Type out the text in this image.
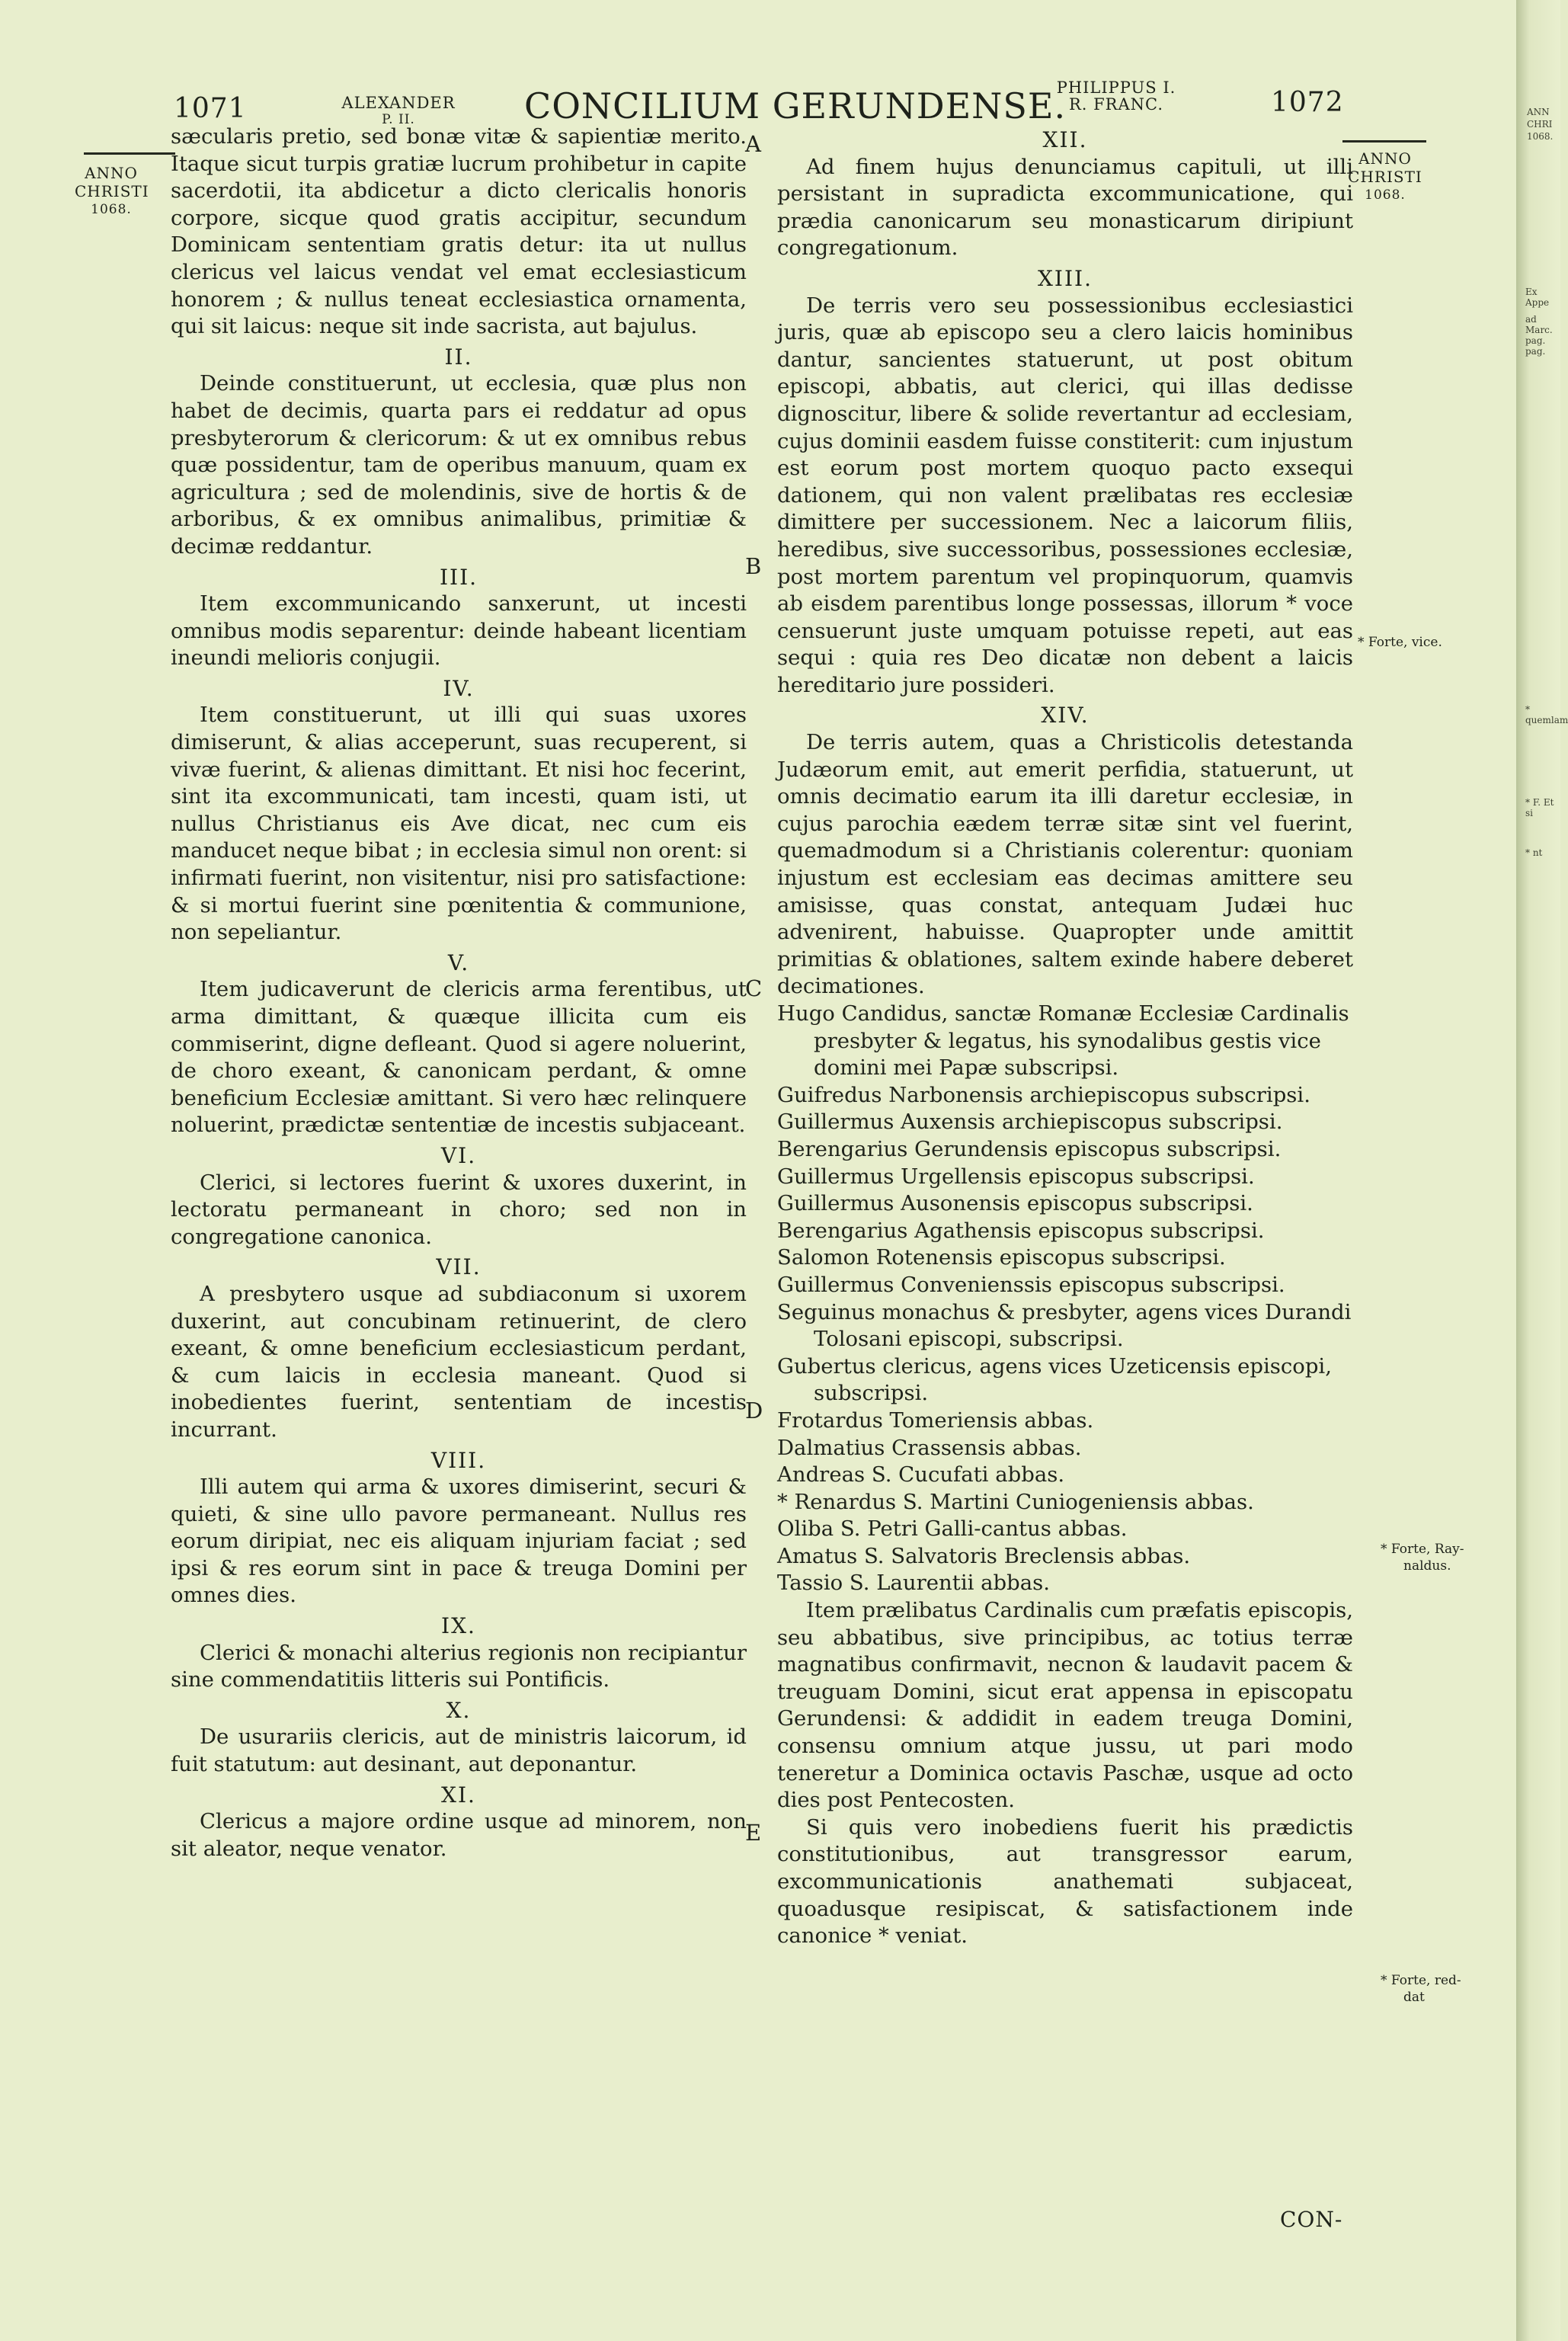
1071	ALEXANDER
P. II.	CONCILIUM GERUNDENSE.
PHILIPPUS I.
R. FRANC.	1072
ANNO
CHRISTI
1068.
ANNO
CHRISTI
1068.
A
B
C
D
E
* Forte, vice.
* Forte, Ray-
naldus.
* Forte, red-
dat

sæcularis pretio, sed bonæ vitæ & sapientiæ merito. Itaque sicut turpis gratiæ lucrum prohibetur in capite sacerdotii, ita abdicetur a dicto clericalis honoris corpore, sicque quod gratis accipitur, secundum Dominicam sententiam gratis detur: ita ut nullus clericus vel laicus vendat vel emat ecclesiasticum honorem ; & nullus teneat ecclesiastica ornamenta, qui sit laicus: neque sit inde sacrista, aut bajulus.

II.

Deinde constituerunt, ut ecclesia, quæ plus non habet de decimis, quarta pars ei reddatur ad opus presbyterorum & clericorum: & ut ex omnibus rebus quæ possidentur, tam de operibus manuum, quam ex agricultura ; sed de molendinis, sive de hortis & de arboribus, & ex omnibus animalibus, primitiæ & decimæ reddantur.

III.

Item excommunicando sanxerunt, ut incesti omnibus modis separentur: deinde habeant licentiam ineundi melioris conjugii.

IV.

Item constituerunt, ut illi qui suas uxores dimiserunt, & alias acceperunt, suas recuperent, si vivæ fuerint, & alienas dimittant. Et nisi hoc fecerint, sint ita excommunicati, tam incesti, quam isti, ut nullus Christianus eis Ave dicat, nec cum eis manducet neque bibat ; in ecclesia simul non orent: si infirmati fuerint, non visitentur, nisi pro satisfactione: & si mortui fuerint sine pœnitentia & communione, non sepeliantur.

V.

Item judicaverunt de clericis arma ferentibus, ut arma dimittant, & quæque illicita cum eis commiserint, digne defleant. Quod si agere noluerint, de choro exeant, & canonicam perdant, & omne beneficium Ecclesiæ amittant. Si vero hæc relinquere noluerint, prædictæ sententiæ de incestis subjaceant.

VI.

Clerici, si lectores fuerint & uxores duxerint, in lectoratu permaneant in choro; sed non in congregatione canonica.

VII.

A presbytero usque ad subdiaconum si uxorem duxerint, aut concubinam retinuerint, de clero exeant, & omne beneficium ecclesiasticum perdant, & cum laicis in ecclesia maneant. Quod si inobedientes fuerint, sententiam de incestis incurrant.

VIII.

Illi autem qui arma & uxores dimiserint, securi & quieti, & sine ullo pavore permaneant. Nullus res eorum diripiat, nec eis aliquam injuriam faciat ; sed ipsi & res eorum sint in pace & treuga Domini per omnes dies.

IX.

Clerici & monachi alterius regionis non recipiantur sine commendatitiis litteris sui Pontificis.

X.

De usurariis clericis, aut de ministris laicorum, id fuit statutum: aut desinant, aut deponantur.

XI.

Clericus a majore ordine usque ad minorem, non sit aleator, neque venator.

XII.

Ad finem hujus denunciamus capituli, ut illi persistant in supradicta excommunicatione, qui prædia canonicarum seu monasticarum diripiunt congregationum.

XIII.

De terris vero seu possessionibus ecclesiastici juris, quæ ab episcopo seu a clero laicis hominibus dantur, sancientes statuerunt, ut post obitum episcopi, abbatis, aut clerici, qui illas dedisse dignoscitur, libere & solide revertantur ad ecclesiam, cujus dominii easdem fuisse constiterit: cum injustum est eorum post mortem quoquo pacto exsequi dationem, qui non valent prælibatas res ecclesiæ dimittere per successionem. Nec a laicorum filiis, heredibus, sive successoribus, possessiones ecclesiæ, post mortem parentum vel propinquorum, quamvis ab eisdem parentibus longe possessas, illorum * voce censuerunt juste umquam potuisse repeti, aut eas sequi : quia res Deo dicatæ non debent a laicis hereditario jure possideri.

XIV.

De terris autem, quas a Christicolis detestanda Judæorum emit, aut emerit perfidia, statuerunt, ut omnis decimatio earum ita illi daretur ecclesiæ, in cujus parochia eædem terræ sitæ sint vel fuerint, quemadmodum si a Christianis colerentur: quoniam injustum est ecclesiam eas decimas amittere seu amisisse, quas constat, antequam Judæi huc advenirent, habuisse. Quapropter unde amittit primitias & oblationes, saltem exinde habere deberet decimationes.

Hugo Candidus, sanctæ Romanæ Ecclesiæ Cardinalis presbyter & legatus, his synodalibus gestis vice domini mei Papæ subscripsi.

Guifredus Narbonensis archiepiscopus subscripsi.

Guillermus Auxensis archiepiscopus subscripsi.

Berengarius Gerundensis episcopus subscripsi.

Guillermus Urgellensis episcopus subscripsi.

Guillermus Ausonensis episcopus subscripsi.

Berengarius Agathensis episcopus subscripsi.

Salomon Rotenensis episcopus subscripsi.

Guillermus Convenienssis episcopus subscripsi.

Seguinus monachus & presbyter, agens vices Durandi Tolosani episcopi, subscripsi.

Gubertus clericus, agens vices Uzeticensis episcopi, subscripsi.

Frotardus Tomeriensis abbas.

Dalmatius Crassensis abbas.

Andreas S. Cucufati abbas.

* Renardus S. Martini Cuniogeniensis abbas.

Oliba S. Petri Galli-cantus abbas.

Amatus S. Salvatoris Breclensis abbas.

Tassio S. Laurentii abbas.

Item prælibatus Cardinalis cum præfatis episcopis, seu abbatibus, sive principibus, ac totius terræ magnatibus confirmavit, necnon & laudavit pacem & treuguam Domini, sicut erat appensa in episcopatu Gerundensi: & addidit in eadem treuga Domini, consensu omnium atque jussu, ut pari modo teneretur a Dominica octavis Paschæ, usque ad octo dies post Pentecosten.

Si quis vero inobediens fuerit his prædictis constitutionibus, aut transgressor earum, excommunicationis anathemati subjaceat, quoadusque resipiscat, & satisfactionem inde canonice * veniat.

CON-
ANN
CHRI
1068.
Ex Appe
ad Marc.
pag. pag.
* quemlam
* F. Et si
* nt
